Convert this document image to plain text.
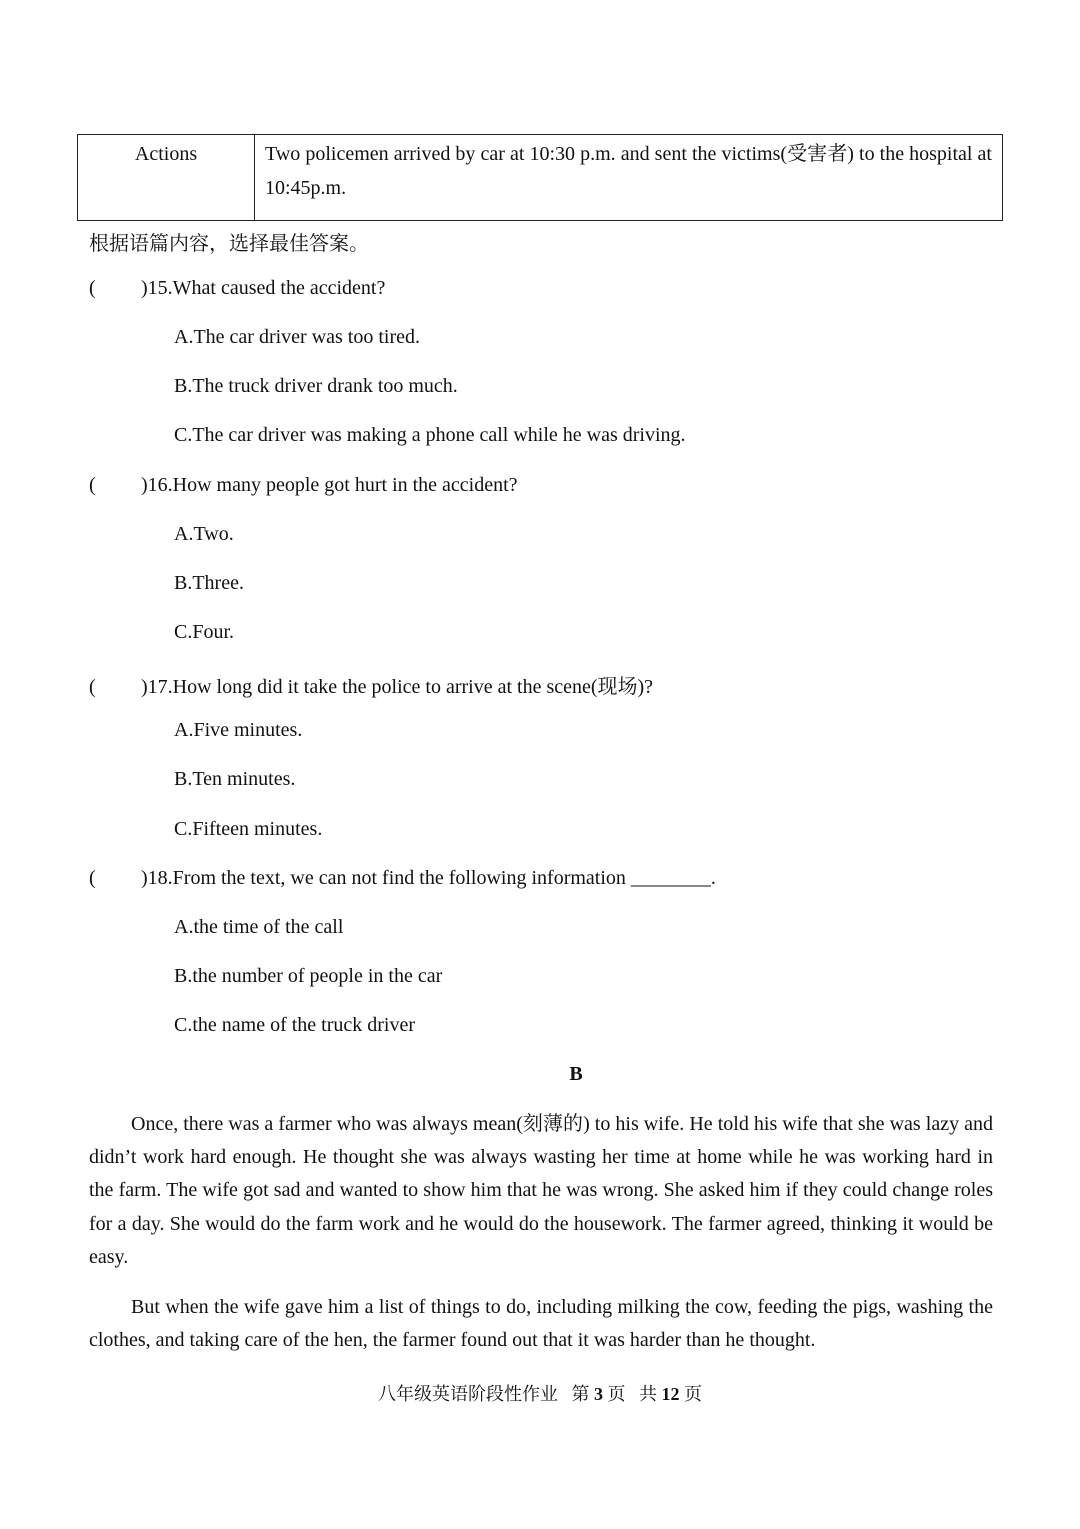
Actions	Two policemen arrived by car at 10:30 p.m. and sent the victims(受害者) to the hospital at 10:45p.m.
根据语篇内容，选择最佳答案。
( )15.What caused the accident?
A.The car driver was too tired.
B.The truck driver drank too much.
C.The car driver was making a phone call while he was driving.
( )16.How many people got hurt in the accident?
A.Two.
B.Three.
C.Four.
( )17.How long did it take the police to arrive at the scene(现场)?
A.Five minutes.
B.Ten minutes.
C.Fifteen minutes.
( )18.From the text, we can not find the following information ________.
A.the time of the call
B.the number of people in the car
C.the name of the truck driver
B
Once, there was a farmer who was always mean(刻薄的) to his wife. He told his wife that she was lazy and didn’t work hard enough. He thought she was always wasting her time at home while he was working hard in the farm. The wife got sad and wanted to show him that he was wrong. She asked him if they could change roles for a day. She would do the farm work and he would do the housework. The farmer agreed, thinking it would be easy.
But when the wife gave him a list of things to do, including milking the cow, feeding the pigs, washing the clothes, and taking care of the hen, the farmer found out that it was harder than he thought.
八年级英语阶段性作业   第 3 页   共 12 页
